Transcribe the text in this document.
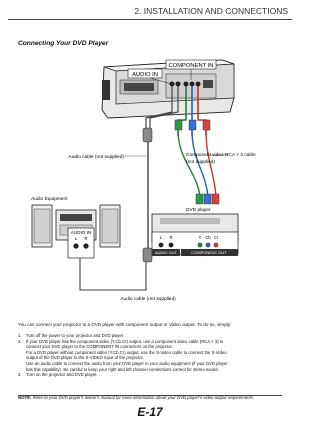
2. INSTALLATION AND CONNECTIONS
Connecting Your DVD Player
AUDIO IN
COMPONENT IN
Audio cable (not supplied)	Component video RCA × 3 cable
(not supplied)
Audio Equipment
DVD player
AUDIO IN
L R
Audio cable (not supplied)
L R	Y Cb Cr
AUDIO OUT	COMPONENT OUT
You can connect your projector to a DVD player with component output or Video output. To do so, simply:
1. Turn off the power to your projector and DVD player.

2. If your DVD player has the component video (Y,Cb,Cr) output, use a component video cable (RCA × 3) to

connect your DVD player to the COMPONENT IN connectors on the projector.

For a DVD player without component video (Y,Cb,Cr) output, use the S-Video cable to connect the S-Video

output of the DVD player to the S-VIDEO input of the projector.

Use an audio cable to connect the audio from your DVD player to your audio equipment (if your DVD player

has this capability). Be careful to keep your right and left channel connections correct for stereo sound.

3. Turn on the projector and DVD player.

NOTE: Refer to your DVD player's owner's manual for more information about your DVD player's video output requirements.
E-17
